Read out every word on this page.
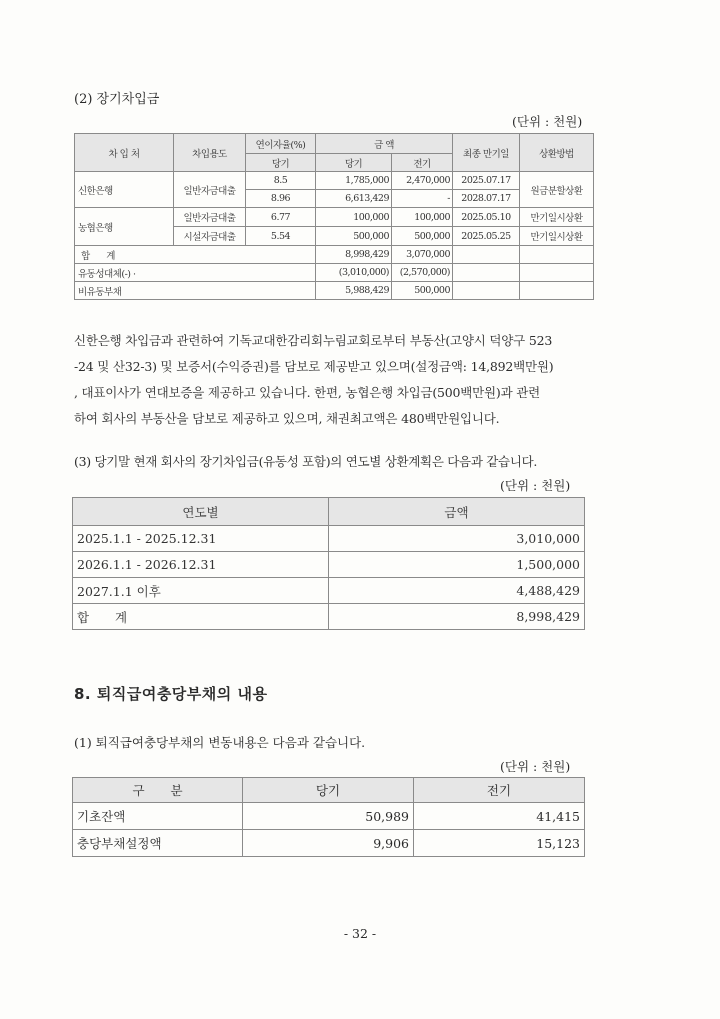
(2) 장기차입금
(단위 : 천원)
차 입 처	차입용도	연이자율(%)	금 액		최종 만기일	상환방법
		당기	당기	전기		
신한은행	일반자금대출	8.5	1,785,000	2,470,000	2025.07.17	원금분할상환
		8.96	6,613,429	-	2028.07.17	
농협은행	일반자금대출	6.77	100,000	100,000	2025.05.10	만기일시상환
	시설자금대출	5.54	500,000	500,000	2025.05.25	만기일시상환
합 계			8,998,429	3,070,000		
유동성대체(-) ·			(3,010,000)	(2,570,000)		
비유동부채			5,988,429	500,000		
신한은행 차입금과 관련하여 기독교대한감리회누림교회로부터 부동산(고양시 덕양구 523
-24 및 산32-3) 및 보증서(수익증권)를 담보로 제공받고 있으며(설정금액: 14,892백만원)
, 대표이사가 연대보증을 제공하고 있습니다. 한편, 농협은행 차입금(500백만원)과 관련
하여 회사의 부동산을 담보로 제공하고 있으며, 채권최고액은 480백만원입니다.
(3) 당기말 현재 회사의 장기차입금(유동성 포함)의 연도별 상환계획은 다음과 같습니다.
(단위 : 천원)
연도별	금액
2025.1.1 - 2025.12.31	3,010,000
2026.1.1 - 2026.12.31	1,500,000
2027.1.1 이후	4,488,429
합 계	8,998,429
8. 퇴직급여충당부채의 내용
(1) 퇴직급여충당부채의 변동내용은 다음과 같습니다.
(단위 : 천원)
구 분	당기	전기
기초잔액	50,989	41,415
충당부채설정액	9,906	15,123
- 32 -
